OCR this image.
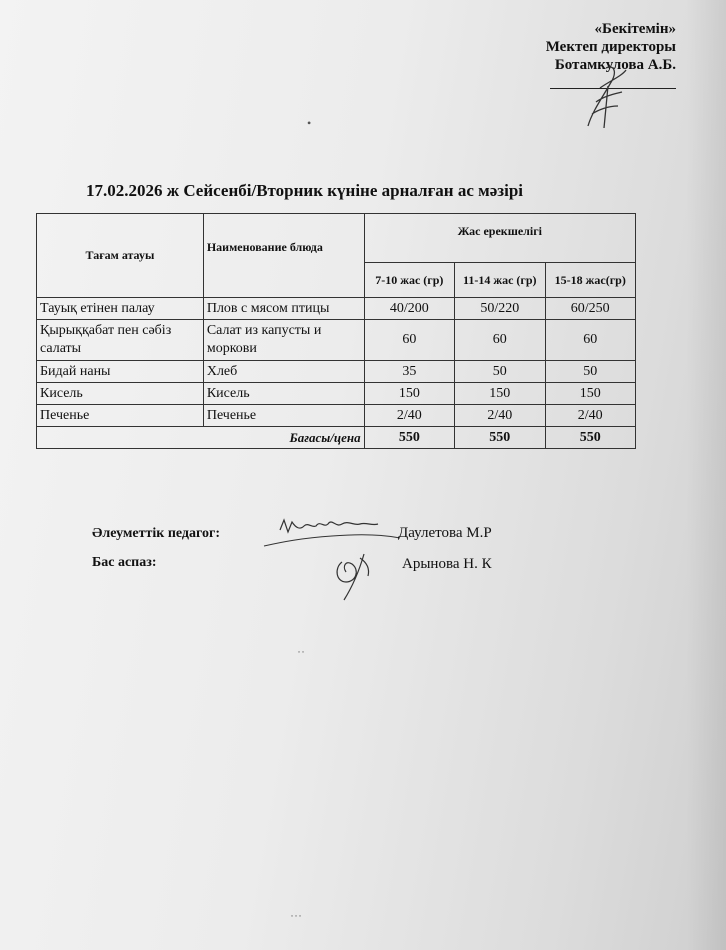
«Бекітемін»
Мектеп директоры
Ботамкулова А.Б.
•
17.02.2026 ж Сейсенбі/Вторник күніне арналған ас мәзірі
Тағам атауы	Наименование блюда	Жас ерекшелігі		
		7-10 жас (гр)	11-14 жас (гр)	15-18 жас(гр)
Тауық етінен палау	Плов с мясом птицы	40/200	50/220	60/250
Қырыққабат пен сәбіз салаты	Салат из капусты и моркови	60	60	60
Бидай наны	Хлеб	35	50	50
Кисель	Кисель	150	150	150
Печенье	Печенье	2/40	2/40	2/40
Бағасы/цена		550	550	550
Әлеуметтік педагог:	Даулетова М.Р
Бас аспаз:	Арынова Н. К
˙˙
˙˙˙
